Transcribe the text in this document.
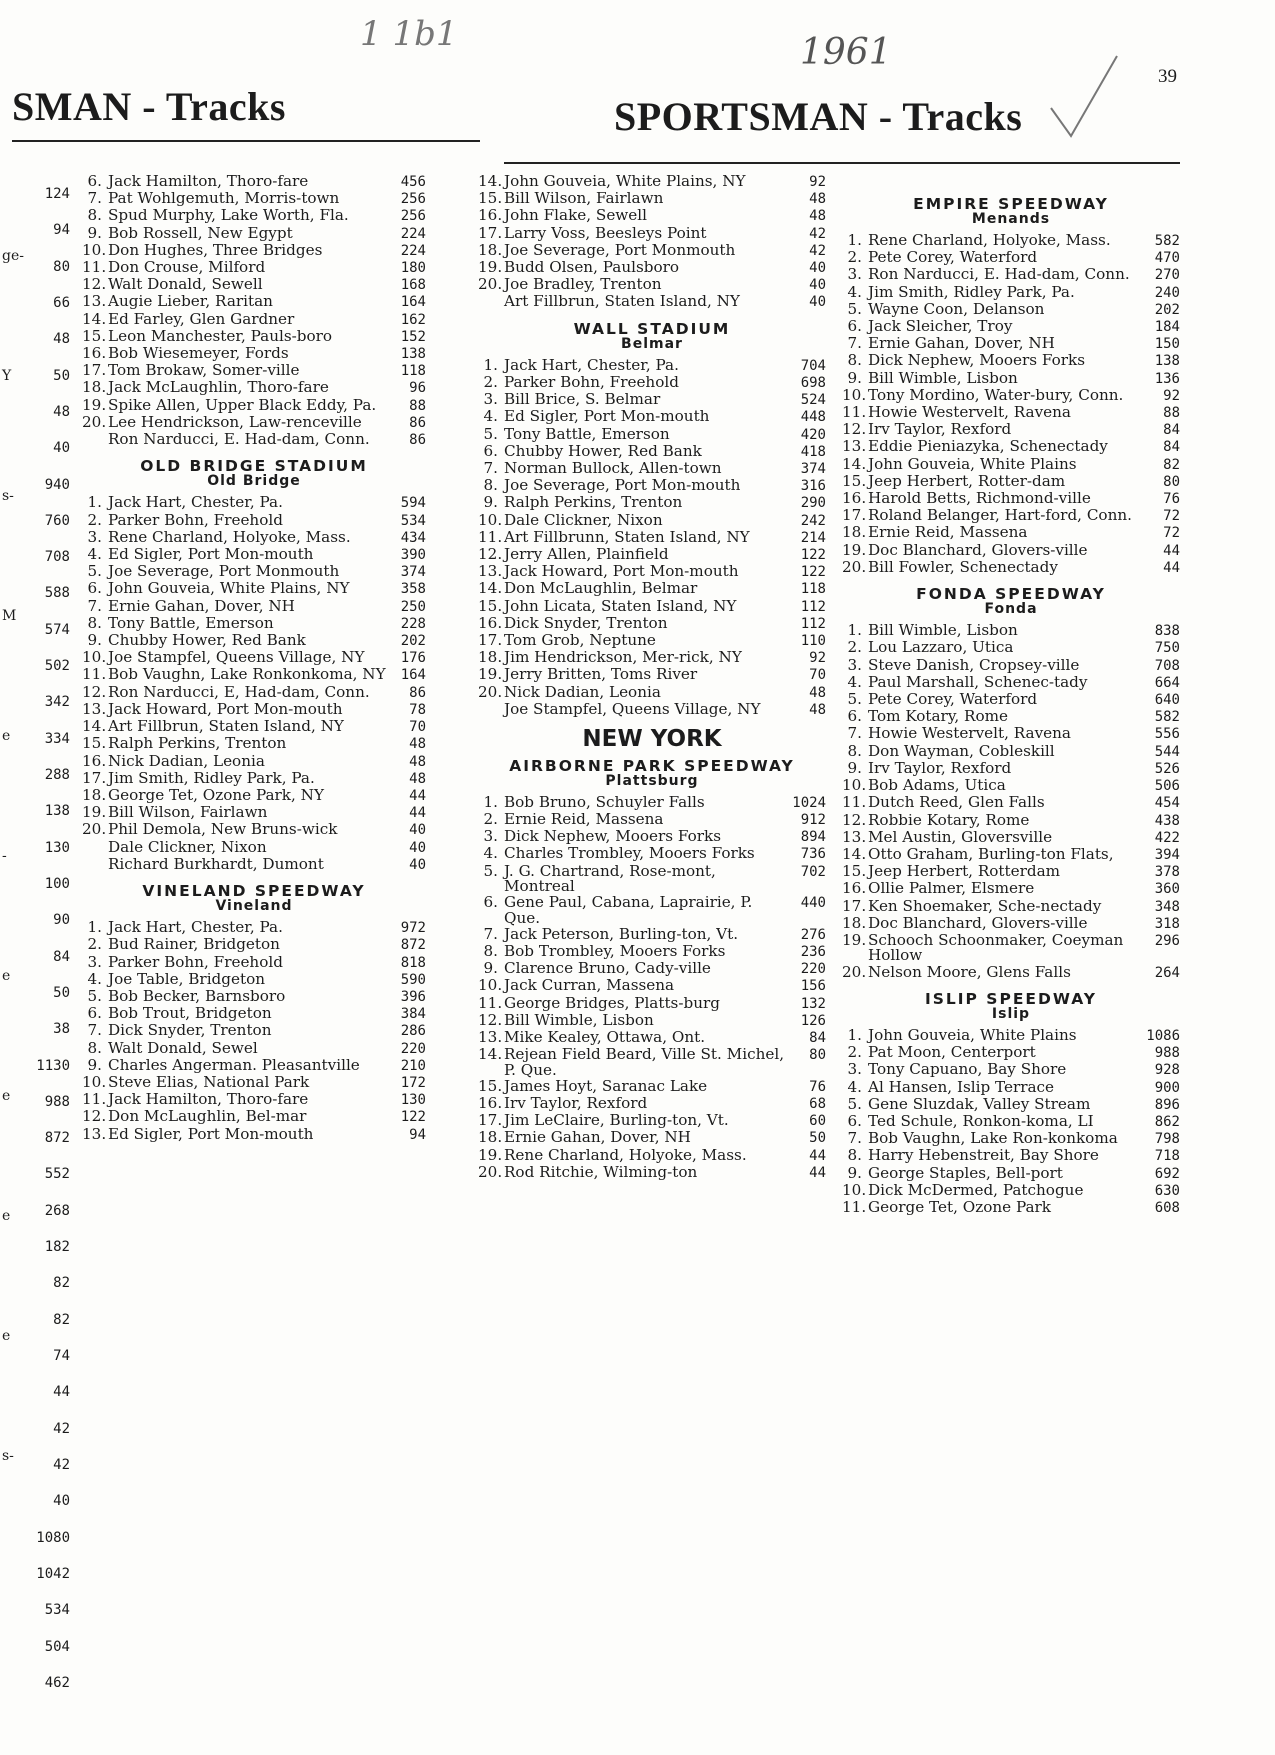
1 1b1	1961
39
SMAN - Tracks	SPORTSMAN - Tracks
124
94
80
66
48
50
48
40
940
760
708
588
574
502
342
334
288
138
130
100
90
84
50
38
1130
988
872
552
268
182
82
82
74
44
42
42
40
1080
1042
534
504
462
6. Jack Hamilton, Thoro-fare	456
7. Pat Wohlgemuth, Morris-town	256
8. Spud Murphy, Lake Worth, Fla.	256
9. Bob Rossell, New Egypt	224
10. Don Hughes, Three Bridges	224
11. Don Crouse, Milford	180
12. Walt Donald, Sewell	168
13. Augie Lieber, Raritan	164
14. Ed Farley, Glen Gardner	162
15. Leon Manchester, Pauls-boro	152
16. Bob Wiesemeyer, Fords	138
17. Tom Brokaw, Somer-ville	118
18. Jack McLaughlin, Thoro-fare	96
19. Spike Allen, Upper Black Eddy, Pa.	88
20. Lee Hendrickson, Law-renceville	86
Ron Narducci, E. Had-dam, Conn.	86
OLD BRIDGE STADIUM
Old Bridge
1. Jack Hart, Chester, Pa.	594
2. Parker Bohn, Freehold	534
3. Rene Charland, Holyoke, Mass.	434
4. Ed Sigler, Port Mon-mouth	390
5. Joe Severage, Port Monmouth	374
6. John Gouveia, White Plains, NY	358
7. Ernie Gahan, Dover, NH	250
8. Tony Battle, Emerson	228
9. Chubby Hower, Red Bank	202
10. Joe Stampfel, Queens Village, NY	176
11. Bob Vaughn, Lake Ronkonkoma, NY	164
12. Ron Narducci, E, Had-dam, Conn.	86
13. Jack Howard, Port Mon-mouth	78
14. Art Fillbrun, Staten Island, NY	70
15. Ralph Perkins, Trenton	48
16. Nick Dadian, Leonia	48
17. Jim Smith, Ridley Park, Pa.	48
18. George Tet, Ozone Park, NY	44
19. Bill Wilson, Fairlawn	44
20. Phil Demola, New Bruns-wick	40
Dale Clickner, Nixon	40
Richard Burkhardt, Dumont	40
VINELAND SPEEDWAY
Vineland
1. Jack Hart, Chester, Pa.	972
2. Bud Rainer, Bridgeton	872
3. Parker Bohn, Freehold	818
4. Joe Table, Bridgeton	590
5. Bob Becker, Barnsboro	396
6. Bob Trout, Bridgeton	384
7. Dick Snyder, Trenton	286
8. Walt Donald, Sewel	220
9. Charles Angerman. Pleasantville	210
10. Steve Elias, National Park	172
11. Jack Hamilton, Thoro-fare	130
12. Don McLaughlin, Bel-mar	122
13. Ed Sigler, Port Mon-mouth	94
14. John Gouveia, White Plains, NY	92
15. Bill Wilson, Fairlawn	48
16. John Flake, Sewell	48
17. Larry Voss, Beesleys Point	42
18. Joe Severage, Port Monmouth	42
19. Budd Olsen, Paulsboro	40
20. Joe Bradley, Trenton	40
Art Fillbrun, Staten Island, NY	40
WALL STADIUM
Belmar
1. Jack Hart, Chester, Pa.	704
2. Parker Bohn, Freehold	698
3. Bill Brice, S. Belmar	524
4. Ed Sigler, Port Mon-mouth	448
5. Tony Battle, Emerson	420
6. Chubby Hower, Red Bank	418
7. Norman Bullock, Allen-town	374
8. Joe Severage, Port Mon-mouth	316
9. Ralph Perkins, Trenton	290
10. Dale Clickner, Nixon	242
11. Art Fillbrunn, Staten Island, NY	214
12. Jerry Allen, Plainfield	122
13. Jack Howard, Port Mon-mouth	122
14. Don McLaughlin, Belmar	118
15. John Licata, Staten Island, NY	112
16. Dick Snyder, Trenton	112
17. Tom Grob, Neptune	110
18. Jim Hendrickson, Mer-rick, NY	92
19. Jerry Britten, Toms River	70
20. Nick Dadian, Leonia	48
Joe Stampfel, Queens Village, NY	48
NEW YORK
AIRBORNE PARK SPEEDWAY
Plattsburg
1. Bob Bruno, Schuyler Falls	1024
2. Ernie Reid, Massena	912
3. Dick Nephew, Mooers Forks	894
4. Charles Trombley, Mooers Forks	736
5. J. G. Chartrand, Rose-mont, Montreal
702
6. Gene Paul, Cabana, Laprairie, P. Que.
440
7. Jack Peterson, Burling-ton, Vt.	276
8. Bob Trombley, Mooers Forks	236
9. Clarence Bruno, Cady-ville	220
10. Jack Curran, Massena	156
11. George Bridges, Platts-burg	132
12. Bill Wimble, Lisbon	126
13. Mike Kealey, Ottawa, Ont.	84
14. Rejean Field Beard, Ville St. Michel, P. Que.
80
15. James Hoyt, Saranac Lake	76
16. Irv Taylor, Rexford	68
17. Jim LeClaire, Burling-ton, Vt.	60
18. Ernie Gahan, Dover, NH	50
19. Rene Charland, Holyoke, Mass.	44
20. Rod Ritchie, Wilming-ton	44
EMPIRE SPEEDWAY
Menands
1. Rene Charland, Holyoke, Mass.	582
2. Pete Corey, Waterford	470
3. Ron Narducci, E. Had-dam, Conn.	270
4. Jim Smith, Ridley Park, Pa.	240
5. Wayne Coon, Delanson	202
6. Jack Sleicher, Troy	184
7. Ernie Gahan, Dover, NH	150
8. Dick Nephew, Mooers Forks	138
9. Bill Wimble, Lisbon	136
10. Tony Mordino, Water-bury, Conn.	92
11. Howie Westervelt, Ravena	88
12. Irv Taylor, Rexford	84
13. Eddie Pieniazyka, Schenectady	84
14. John Gouveia, White Plains	82
15. Jeep Herbert, Rotter-dam	80
16. Harold Betts, Richmond-ville	76
17. Roland Belanger, Hart-ford, Conn.	72
18. Ernie Reid, Massena	72
19. Doc Blanchard, Glovers-ville	44
20. Bill Fowler, Schenectady	44
FONDA SPEEDWAY
Fonda
1. Bill Wimble, Lisbon	838
2. Lou Lazzaro, Utica	750
3. Steve Danish, Cropsey-ville	708
4. Paul Marshall, Schenec-tady	664
5. Pete Corey, Waterford	640
6. Tom Kotary, Rome	582
7. Howie Westervelt, Ravena	556
8. Don Wayman, Cobleskill	544
9. Irv Taylor, Rexford	526
10. Bob Adams, Utica	506
11. Dutch Reed, Glen Falls	454
12. Robbie Kotary, Rome	438
13. Mel Austin, Gloversville	422
14. Otto Graham, Burling-ton Flats,	394
15. Jeep Herbert, Rotterdam	378
16. Ollie Palmer, Elsmere	360
17. Ken Shoemaker, Sche-nectady	348
18. Doc Blanchard, Glovers-ville	318
19. Schooch Schoonmaker, Coeyman Hollow
296
20. Nelson Moore, Glens Falls	264
ISLIP SPEEDWAY
Islip
1. John Gouveia, White Plains	1086
2. Pat Moon, Centerport	988
3. Tony Capuano, Bay Shore	928
4. Al Hansen, Islip Terrace	900
5. Gene Sluzdak, Valley Stream	896
6. Ted Schule, Ronkon-koma, LI	862
7. Bob Vaughn, Lake Ron-konkoma	798
8. Harry Hebenstreit, Bay Shore	718
9. George Staples, Bell-port	692
10. Dick McDermed, Patchogue	630
11. George Tet, Ozone Park	608
ge-
Y
s-
M
e
-
e
e
e
e
s-
